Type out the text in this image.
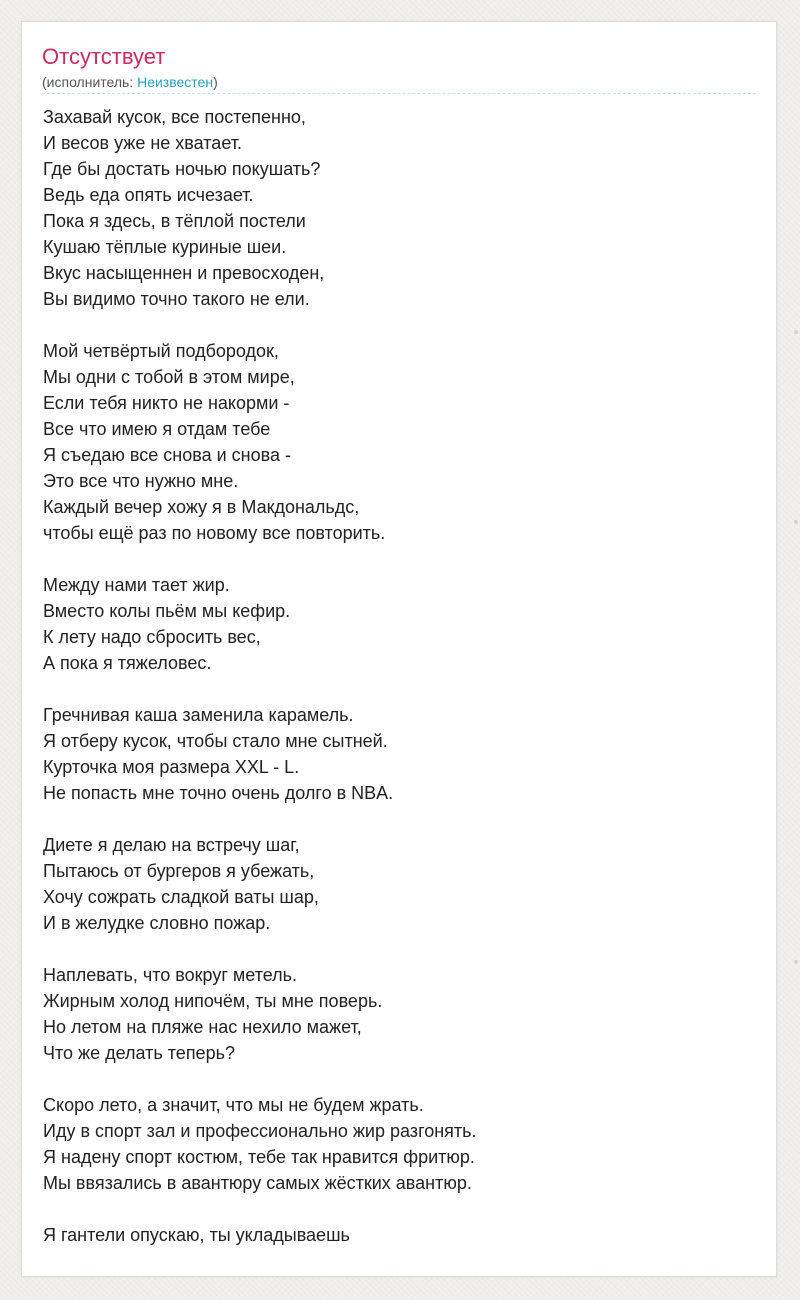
Отсутствует
(исполнитель: Неизвестен)
Захавай кусок, все постепенно,
И весов уже не хватает.
Где бы достать ночью покушать?
Ведь еда опять исчезает.
Пока я здесь, в тёплой постели
Кушаю тёплые куриные шеи.
Вкус насыщеннен и превосходен,
Вы видимо точно такого не ели.
Мой четвёртый подбородок,
Мы одни с тобой в этом мире,
Если тебя никто не накорми -
Все что имею я отдам тебе
Я съедаю все снова и снова -
Это все что нужно мне.
Каждый вечер хожу я в Макдональдс,
чтобы ещё раз по новому все повторить.
Между нами тает жир.
Вместо колы пьём мы кефир.
К лету надо сбросить вес,
А пока я тяжеловес.
Гречнивая каша заменила карамель.
Я отберу кусок, чтобы стало мне сытней.
Курточка моя размера XXL - L.
Не попасть мне точно очень долго в NBA.
Диете я делаю на встречу шаг,
Пытаюсь от бургеров я убежать,
Хочу сожрать сладкой ваты шар,
И в желудке словно пожар.
Наплевать, что вокруг метель.
Жирным холод нипочём, ты мне поверь.
Но летом на пляже нас нехило мажет,
Что же делать теперь?
Скоро лето, а значит, что мы не будем жрать.
Иду в спорт зал и профессионально жир разгонять.
Я надену спорт костюм, тебе так нравится фритюр.
Мы ввязались в авантюру самых жёстких авантюр.
Я гантели опускаю, ты укладываешь
